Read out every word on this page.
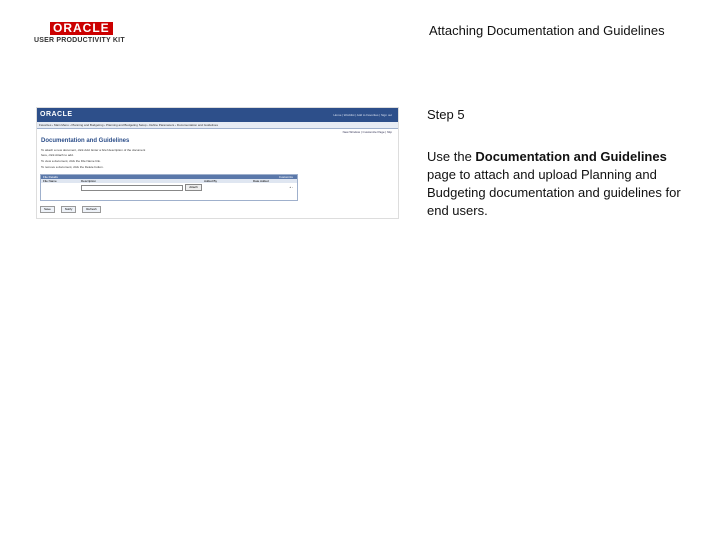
ORACLE
USER PRODUCTIVITY KIT
Attaching Documentation and Guidelines
ORACLE	Home | Worklist | Add to Favorites | Sign out
Favorites › Main Menu › Planning and Budgeting › Planning and Budgeting Setup › Define Parameters › Documentation and Guidelines
New Window | Customize Page | http
Documentation and Guidelines
To attach a new document, click Add. Enter a brief description of the document
here, click Attach to add.
To view a document, click the File Name link.
To remove a document, click the Delete button.
File Details	Customize
File Name	Description	Added By	Date Added
Attach	+ -
Save	Notify	Refresh
Step 5
Use the Documentation and Guidelines page to attach and upload Planning and Budgeting documentation and guidelines for end users.
